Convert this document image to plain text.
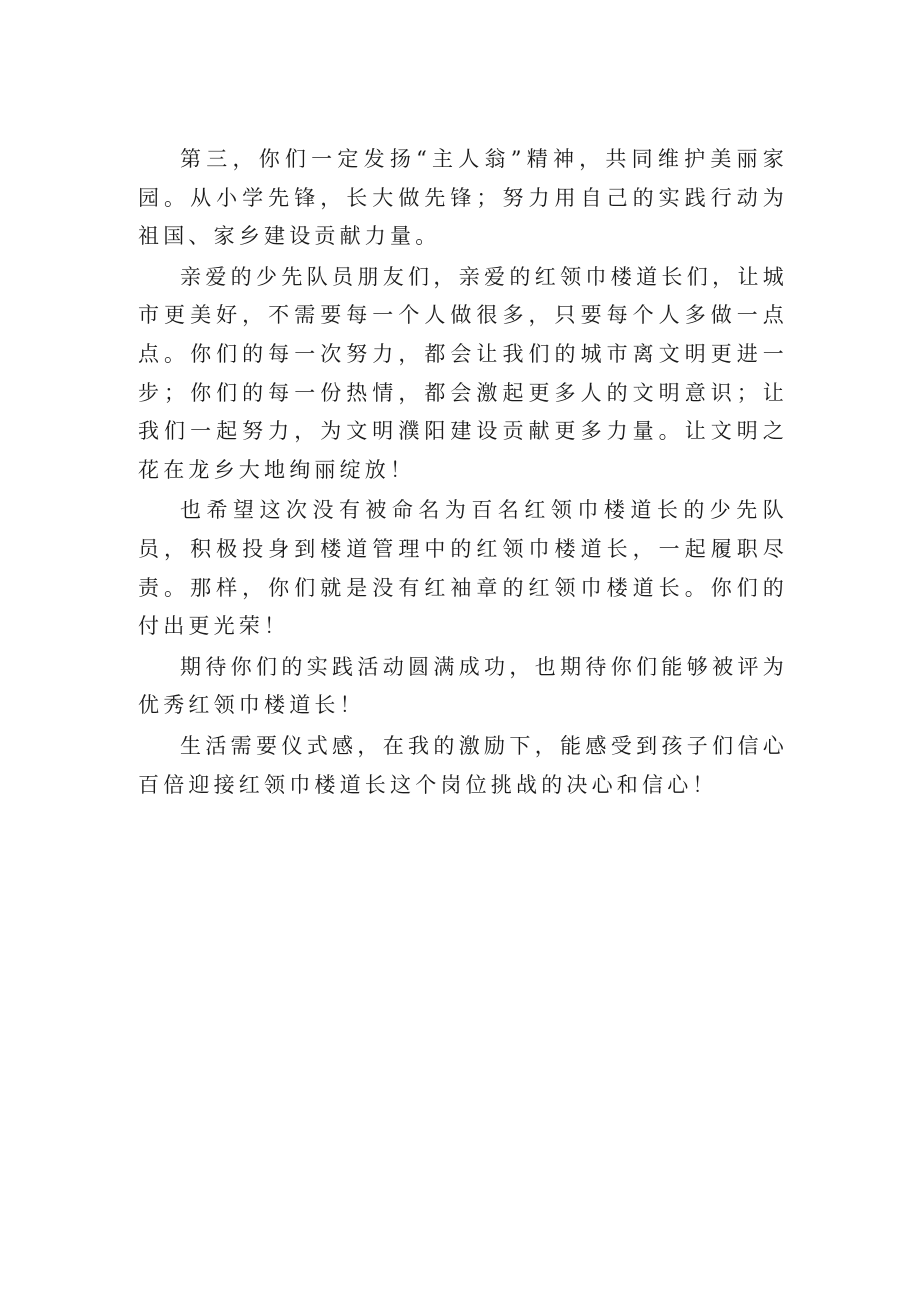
第三，你们一定发扬“主人翁”精神，共同维护美丽家园。从小学先锋，长大做先锋；努力用自己的实践行动为祖国、家乡建设贡献力量。

亲爱的少先队员朋友们，亲爱的红领巾楼道长们，让城市更美好，不需要每一个人做很多，只要每个人多做一点点。你们的每一次努力，都会让我们的城市离文明更进一步；你们的每一份热情，都会激起更多人的文明意识；让我们一起努力，为文明濮阳建设贡献更多力量。让文明之花在龙乡大地绚丽绽放！

也希望这次没有被命名为百名红领巾楼道长的少先队员，积极投身到楼道管理中的红领巾楼道长，一起履职尽责。那样，你们就是没有红袖章的红领巾楼道长。你们的付出更光荣！

期待你们的实践活动圆满成功，也期待你们能够被评为优秀红领巾楼道长！

生活需要仪式感，在我的激励下，能感受到孩子们信心百倍迎接红领巾楼道长这个岗位挑战的决心和信心！
